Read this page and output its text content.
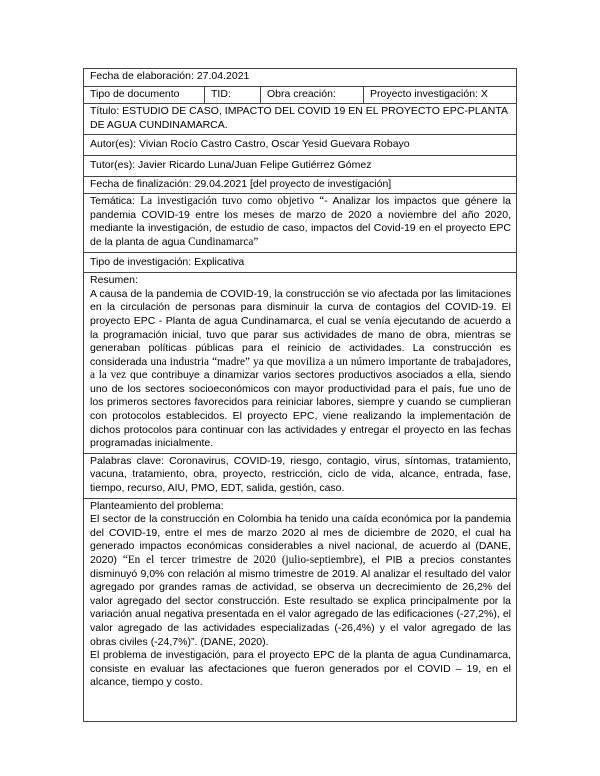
Fecha de elaboración: 27.04.2021
Tipo de documento	TID:	Obra creación:	Proyecto investigación: X
Título: ESTUDIO DE CASO, IMPACTO DEL COVID 19 EN EL PROYECTO EPC-PLANTA DE AGUA CUNDINAMARCA.
Autor(es): Vivian Rocío Castro Castro, Oscar Yesid Guevara Robayo
Tutor(es): Javier Ricardo Luna/Juan Felipe Gutiérrez Gómez
Fecha de finalización: 29.04.2021 [del proyecto de investigación]
Temática: La investigación tuvo como objetivo “- Analizar los impactos que génere la pandemia COVID-19 entre los meses de marzo de 2020 a noviembre del año 2020, mediante la investigación, de estudio de caso, impactos del Covid-19 en el proyecto EPC de la planta de agua Cundinamarca”
Tipo de investigación: Explicativa
Resumen:

A causa de la pandemia de COVID-19, la construcción se vio afectada por las limitaciones en la circulación de personas para disminuir la curva de contagios del COVID-19. El proyecto EPC - Planta de agua Cundinamarca, el cual se venía ejecutando de acuerdo a la programación inicial, tuvo que parar sus actividades de mano de obra, mientras se generaban políticas públicas para el reinicio de actividades. La construcción es considerada una industria “madre” ya que moviliza a un número importante de trabajadores, a la vez que contribuye a dinamizar varios sectores productivos asociados a ella, siendo uno de los sectores socioeconómicos con mayor productividad para el país, fue uno de los primeros sectores favorecidos para reiniciar labores, siempre y cuando se cumplieran con protocolos establecidos. El proyecto EPC, viene realizando la implementación de dichos protocolos para continuar con las actividades y entregar el proyecto en las fechas programadas inicialmente.

Palabras clave: Coronavirus, COVID-19, riesgo, contagio, virus, síntomas, tratamiento, vacuna, tratamiento, obra, proyecto, restricción, ciclo de vida, alcance, entrada, fase, tiempo, recurso, AIU, PMO, EDT, salida, gestión, caso.
Planteamiento del problema:

El sector de la construcción en Colombia ha tenido una caída económica por la pandemia del COVID-19, entre el mes de marzo 2020 al mes de diciembre de 2020, el cual ha generado impactos económicas considerables a nivel nacional, de acuerdo al (DANE, 2020) “En el tercer trimestre de 2020 (julio-septiembre), el PIB a precios constantes disminuyó 9,0% con relación al mismo trimestre de 2019. Al analizar el resultado del valor agregado por grandes ramas de actividad, se observa un decrecimiento de 26,2% del valor agregado del sector construcción. Este resultado se explica principalmente por la variación anual negativa presentada en el valor agregado de las edificaciones (-27,2%), el valor agregado de las actividades especializadas (-26,4%) y el valor agregado de las obras civiles (-24,7%)”. (DANE, 2020).

El problema de investigación, para el proyecto EPC de la planta de agua Cundinamarca, consiste en evaluar las afectaciones que fueron generados por el COVID – 19, en el alcance, tiempo y costo.
